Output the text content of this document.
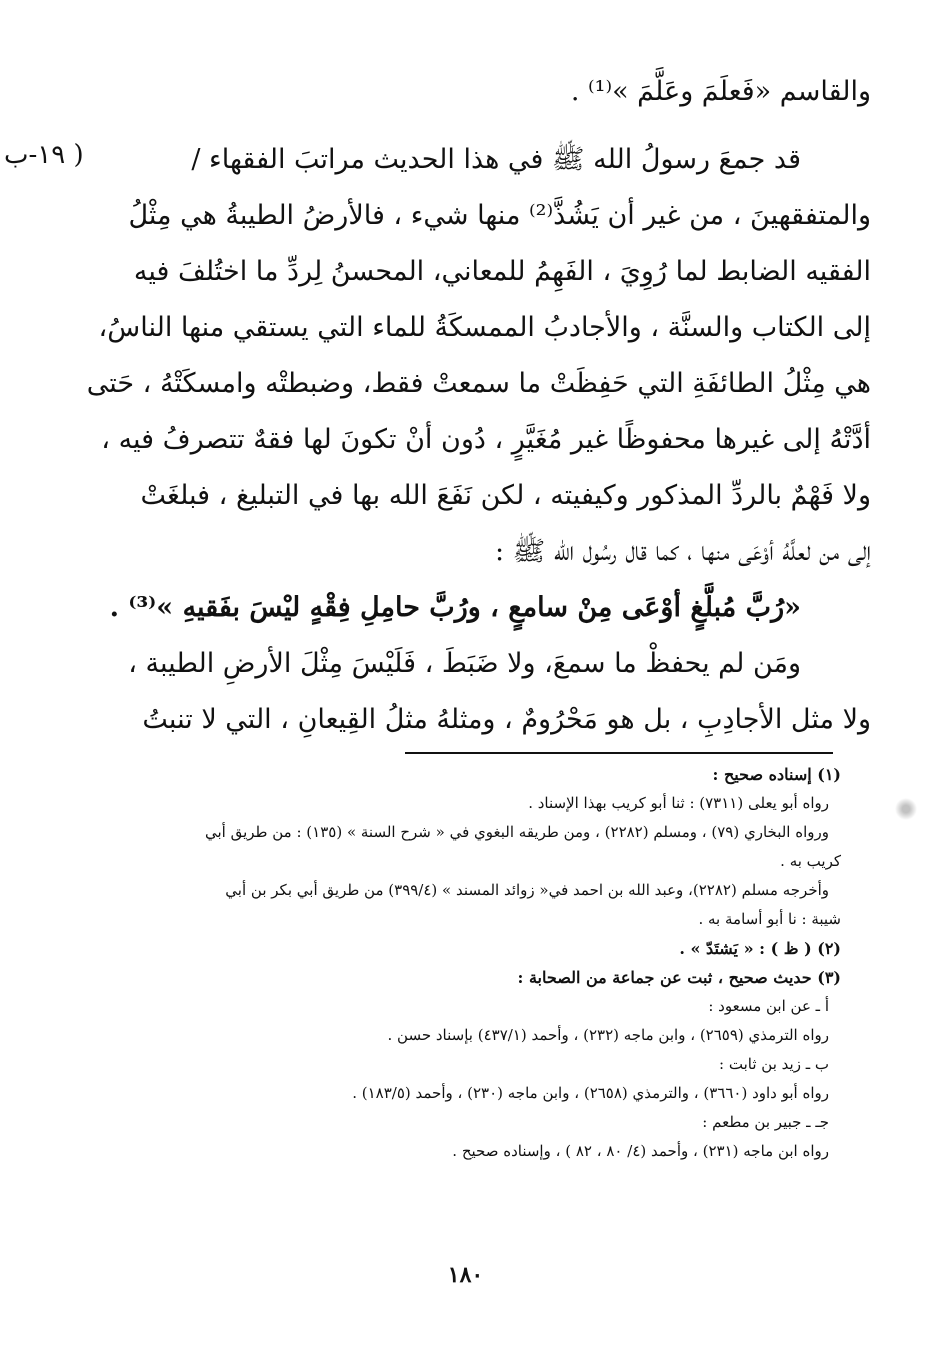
والقاسم «فَعلَمَ وعَلَّمَ »⁽¹⁾ .
قد جمعَ رسولُ الله ﷺ في هذا الحديث مراتبَ الفقهاء /
والمتفقهينَ ، من غير أن يَشُذَّ⁽²⁾ منها شيء ، فالأرضُ الطيبةُ هي مِثْلُ
الفقيه الضابط لما رُوِيَ ، الفَهِمُ للمعاني، المحسنُ لِردِّ ما اختُلفَ فيه
إلى الكتاب والسنَّة ، والأجادبُ الممسكَةُ للماء التي يستقي منها الناسُ،
هي مِثْلُ الطائفَةِ التي حَفِظَتْ ما سمعتْ فقط، وضبطتْه وامسكَتْهُ ، حَتى
أدَّتْهُ إلى غيرها محفوظًا غير مُغَيَّرٍ ، دُون أنْ تكونَ لها فقهٌ تتصرفُ فيه ،
ولا فَهْمٌ بالردِّ المذكور وكيفيته ، لكن نَفَعَ الله بها في التبليغ ، فبلغَتْ
إلى من لعلَّهُ أوْعَى منها ، كما قال رسُول الله ﷺ :
«رُبَّ مُبلَّغٍ أوْعَى مِنْ سامعٍ ، ورُبَّ حامِلِ فِقْهٍ ليْسَ بفَقيهِ »⁽³⁾ .
ومَن لم يحفظْ ما سمعَ، ولا ضَبَطَ ، فَلَيْسَ مِثْلَ الأرضِ الطيبة ،
ولا مثل الأجادِبِ ، بل هو مَحْرُومٌ ، ومثلهُ مثلُ القِيعانِ ، التي لا تنبتُ
( ١٩-ب
(١) إسناده صحيح :
رواه أبو يعلى (٧٣١١) : ثنا أبو كريب بهذا الإسناد .
ورواه البخاري (٧٩) ، ومسلم (٢٢٨٢) ، ومن طريقه البغوي في « شرح السنة » (١٣٥) : من طريق أبي
كريب به .
وأخرجه مسلم (٢٢٨٢)، وعبد الله بن احمد في« زوائد المسند » (٣٩٩/٤) من طريق أبي بكر بن أبي
شيبة : نا أبو أسامة به .
(٢) ( ظ ) : « يَشتَدّ » .
(٣) حديث صحيح ، ثبت عن جماعة من الصحابة :
أ ـ عن ابن مسعود :
رواه الترمذي (٢٦٥٩) ، وابن ماجه (٢٣٢) ، وأحمد (٤٣٧/١) بإسناد حسن .
ب ـ زيد بن ثابت :
رواه أبو داود (٣٦٦٠) ، والترمذي (٢٦٥٨) ، وابن ماجه (٢٣٠) ، وأحمد (١٨٣/٥) .
جـ ـ جبير بن مطعم :
رواه ابن ماجه (٢٣١) ، وأحمد (٤/ ٨٠ ، ٨٢ ) ، وإسناده صحيح .
١٨٠
